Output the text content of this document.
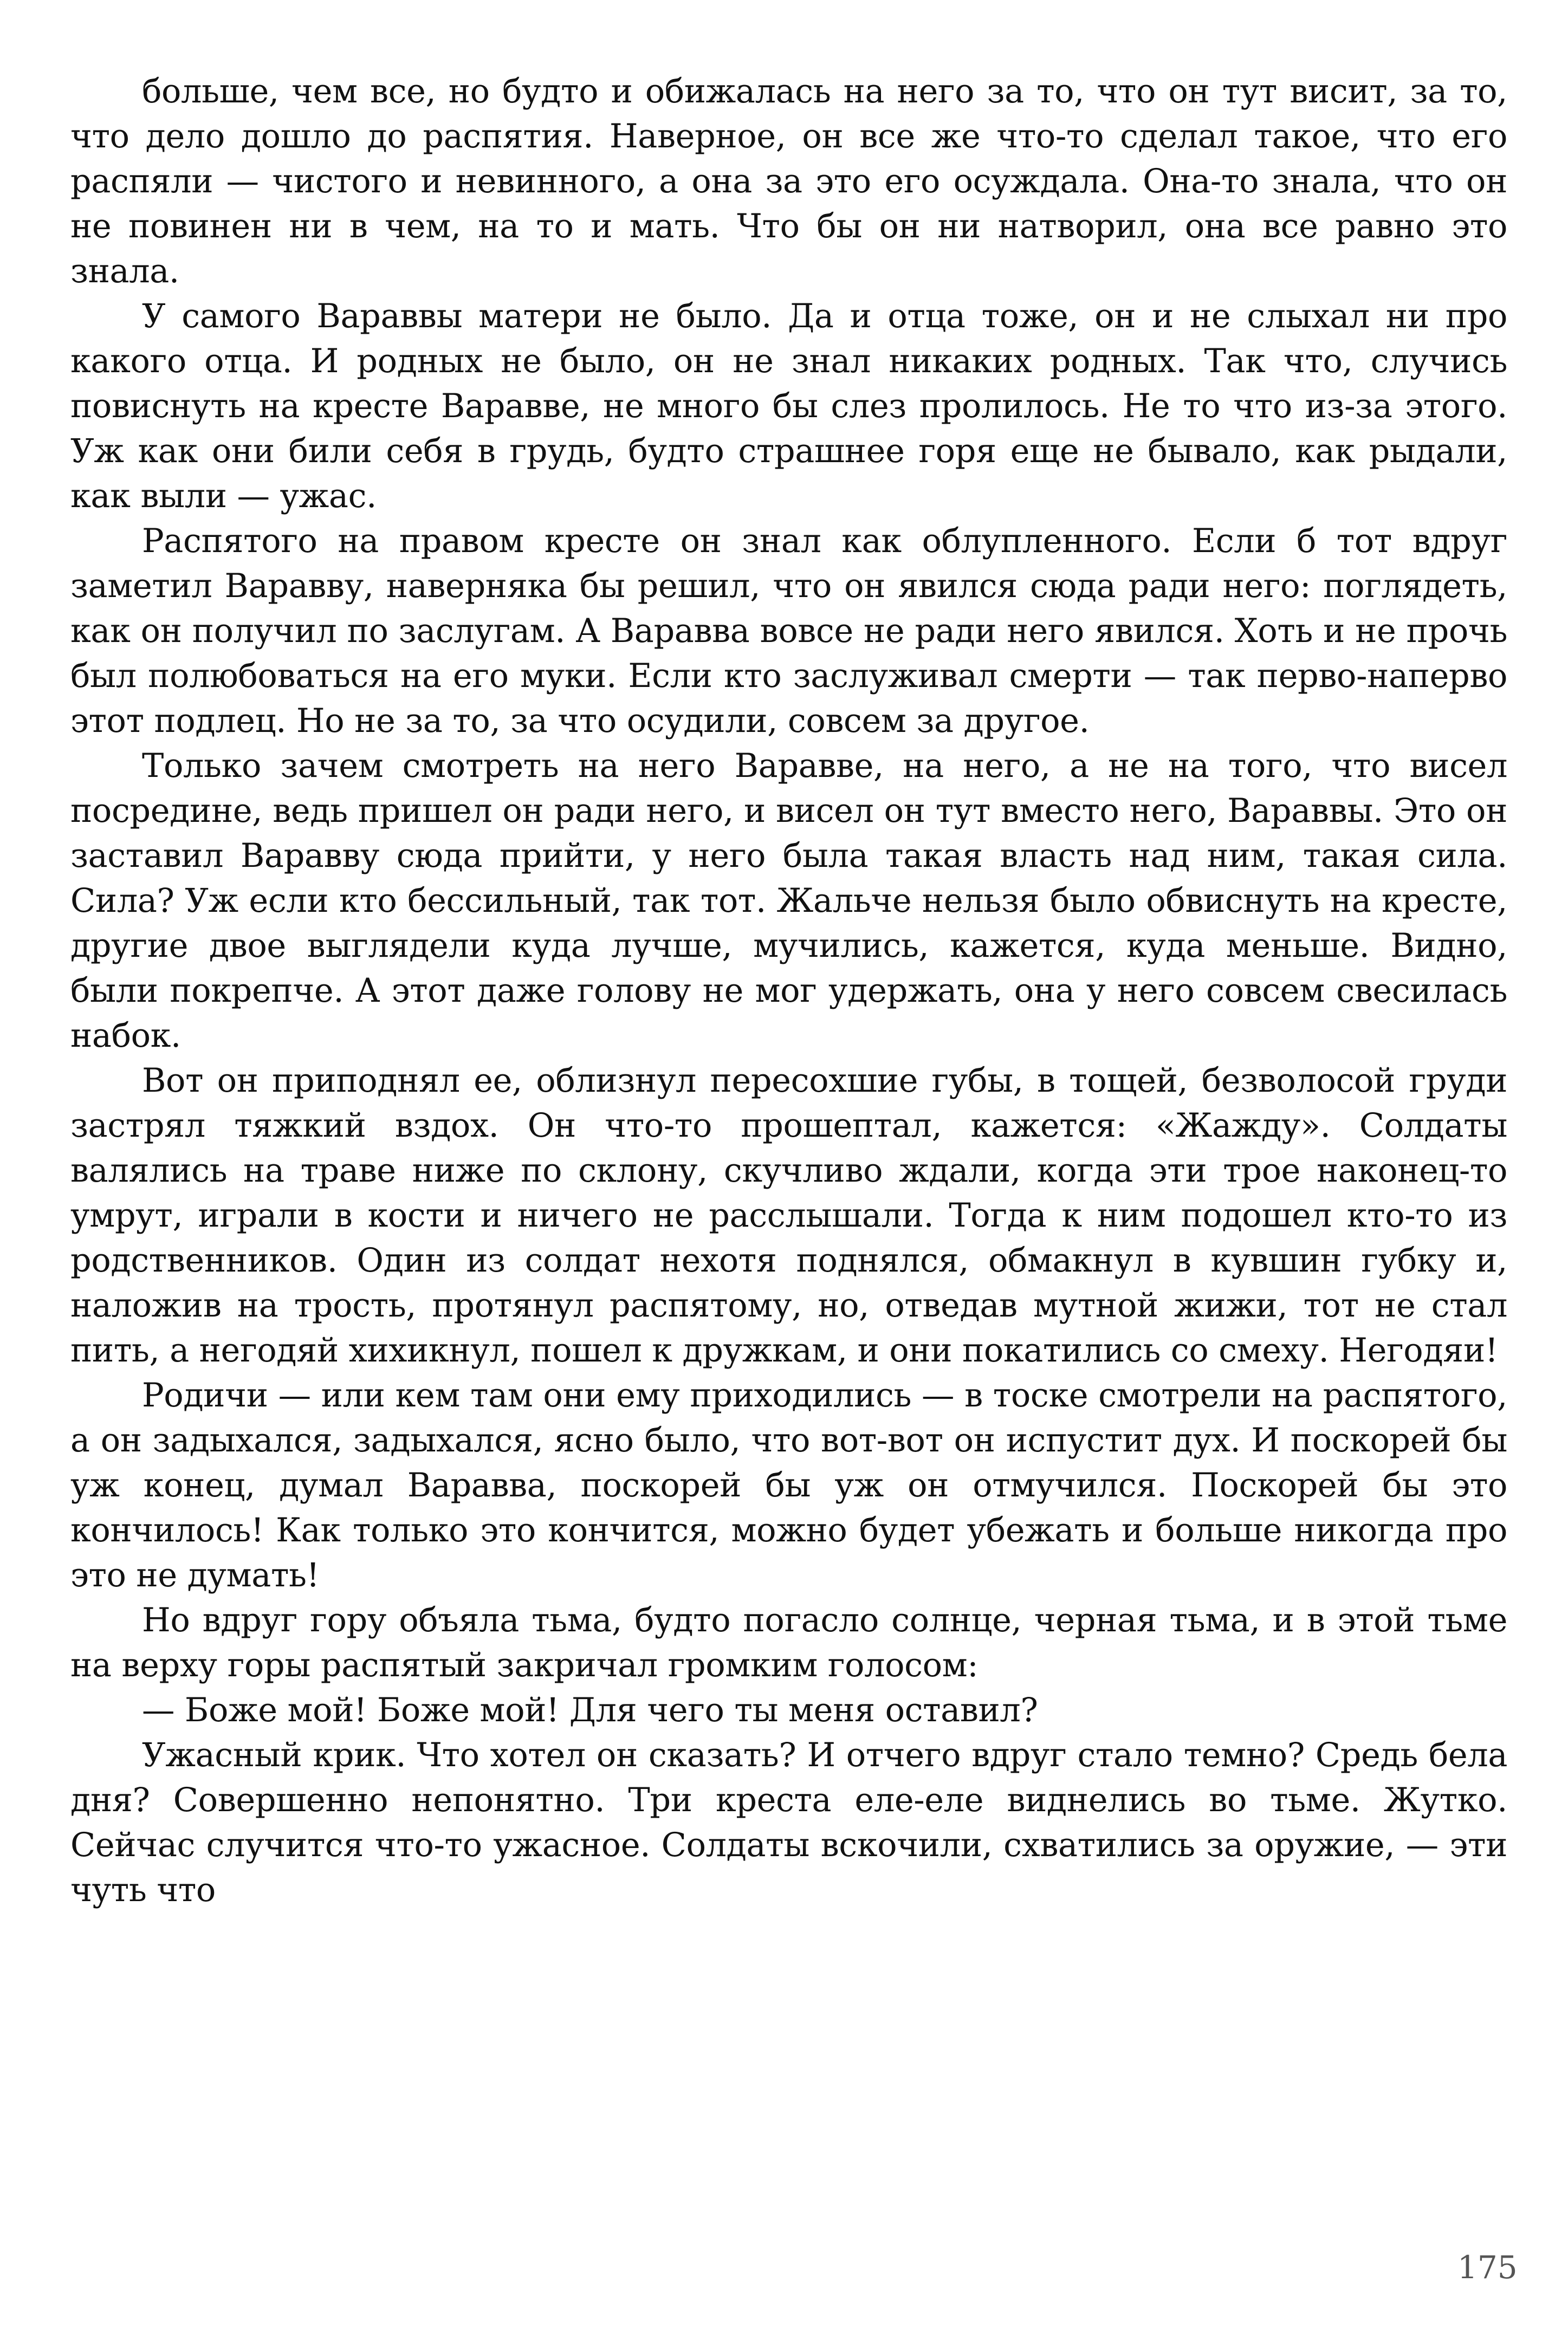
больше, чем все, но будто и обижалась на него за то, что он тут висит, за то, что дело дошло до распятия. Наверное, он все же что-то сделал такое, что его распяли — чистого и невинного, а она за это его осуждала. Она-то знала, что он не повинен ни в чем, на то и мать. Что бы он ни натворил, она все равно это знала.

У самого Вараввы матери не было. Да и отца тоже, он и не слыхал ни про какого отца. И родных не было, он не знал никаких родных. Так что, случись повиснуть на кресте Варавве, не много бы слез пролилось. Не то что из-за этого. Уж как они били себя в грудь, будто страшнее горя еще не бывало, как рыдали, как выли — ужас.

Распятого на правом кресте он знал как облупленного. Если б тот вдруг заметил Варавву, наверняка бы решил, что он явился сюда ради него: поглядеть, как он получил по заслугам. А Варавва вовсе не ради него явился. Хоть и не прочь был полюбоваться на его муки. Если кто заслуживал смерти — так перво-наперво этот подлец. Но не за то, за что осудили, совсем за другое.

Только зачем смотреть на него Варавве, на него, а не на того, что висел посредине, ведь пришел он ради него, и висел он тут вместо него, Вараввы. Это он заставил Варавву сюда прийти, у него была такая власть над ним, такая сила. Сила? Уж если кто бессильный, так тот. Жальче нельзя было обвиснуть на кресте, другие двое выглядели куда лучше, мучились, кажется, куда меньше. Видно, были покрепче. А этот даже голову не мог удержать, она у него совсем свесилась набок.

Вот он приподнял ее, облизнул пересохшие губы, в тощей, безволосой груди застрял тяжкий вздох. Он что-то прошептал, кажется: «Жажду». Солдаты валялись на траве ниже по склону, скучливо ждали, когда эти трое наконец-то умрут, играли в кости и ничего не расслышали. Тогда к ним подошел кто-то из родственников. Один из солдат нехотя поднялся, обмакнул в кувшин губку и, наложив на трость, протянул распятому, но, отведав мутной жижи, тот не стал пить, а негодяй хихикнул, пошел к дружкам, и они покатились со смеху. Негодяи!

Родичи — или кем там они ему приходились — в тоске смотрели на распятого, а он задыхался, задыхался, ясно было, что вот-вот он испустит дух. И поскорей бы уж конец, думал Варавва, поскорей бы уж он отмучился. Поскорей бы это кончилось! Как только это кончится, можно будет убежать и больше никогда про это не думать!

Но вдруг гору объяла тьма, будто погасло солнце, черная тьма, и в этой тьме на верху горы распятый закричал громким голосом:

— Боже мой! Боже мой! Для чего ты меня оставил?

Ужасный крик. Что хотел он сказать? И отчего вдруг стало темно? Средь бела дня? Совершенно непонятно. Три креста еле-еле виднелись во тьме. Жутко. Сейчас случится что-то ужасное. Солдаты вскочили, схватились за оружие, — эти чуть что

175
